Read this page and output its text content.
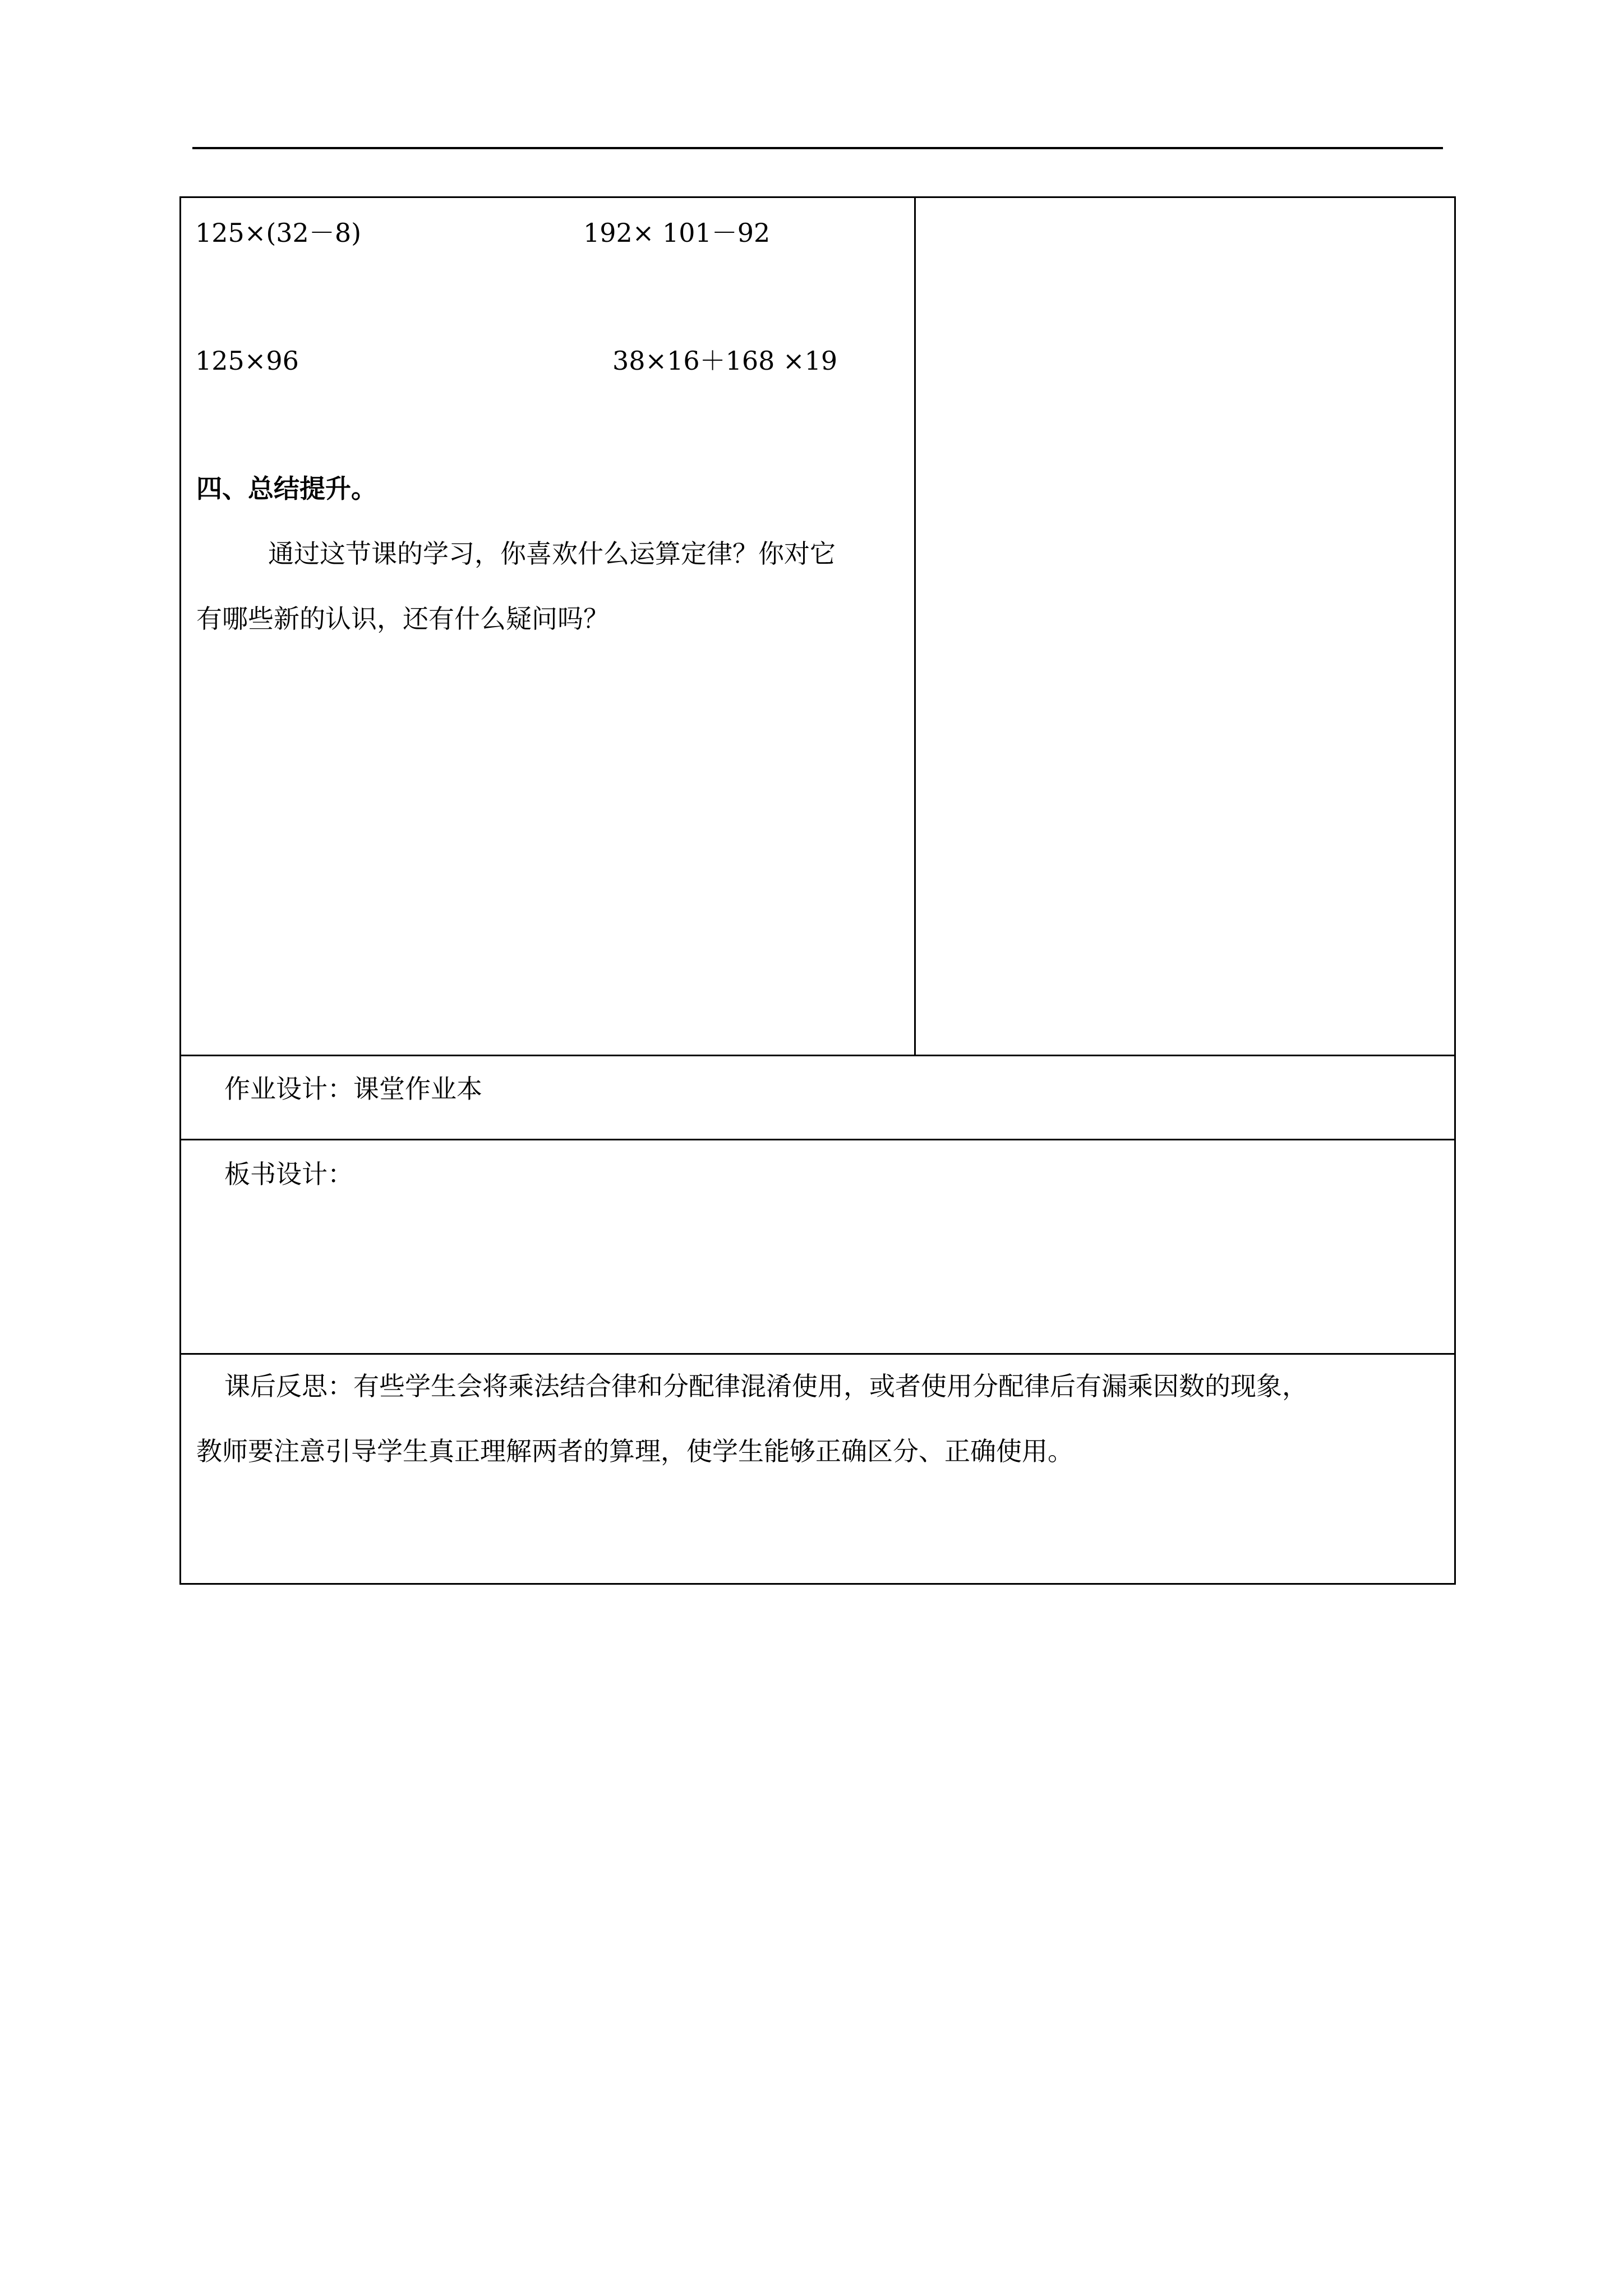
125×(32－8)	192× 101－92
125×96	38×16＋168 ×19
四、总结提升。
通过这节课的学习，你喜欢什么运算定律？你对它
有哪些新的认识，还有什么疑问吗？
作业设计：课堂作业本
板书设计：
课后反思：有些学生会将乘法结合律和分配律混淆使用，或者使用分配律后有漏乘因数的现象，
教师要注意引导学生真正理解两者的算理，使学生能够正确区分、正确使用。
